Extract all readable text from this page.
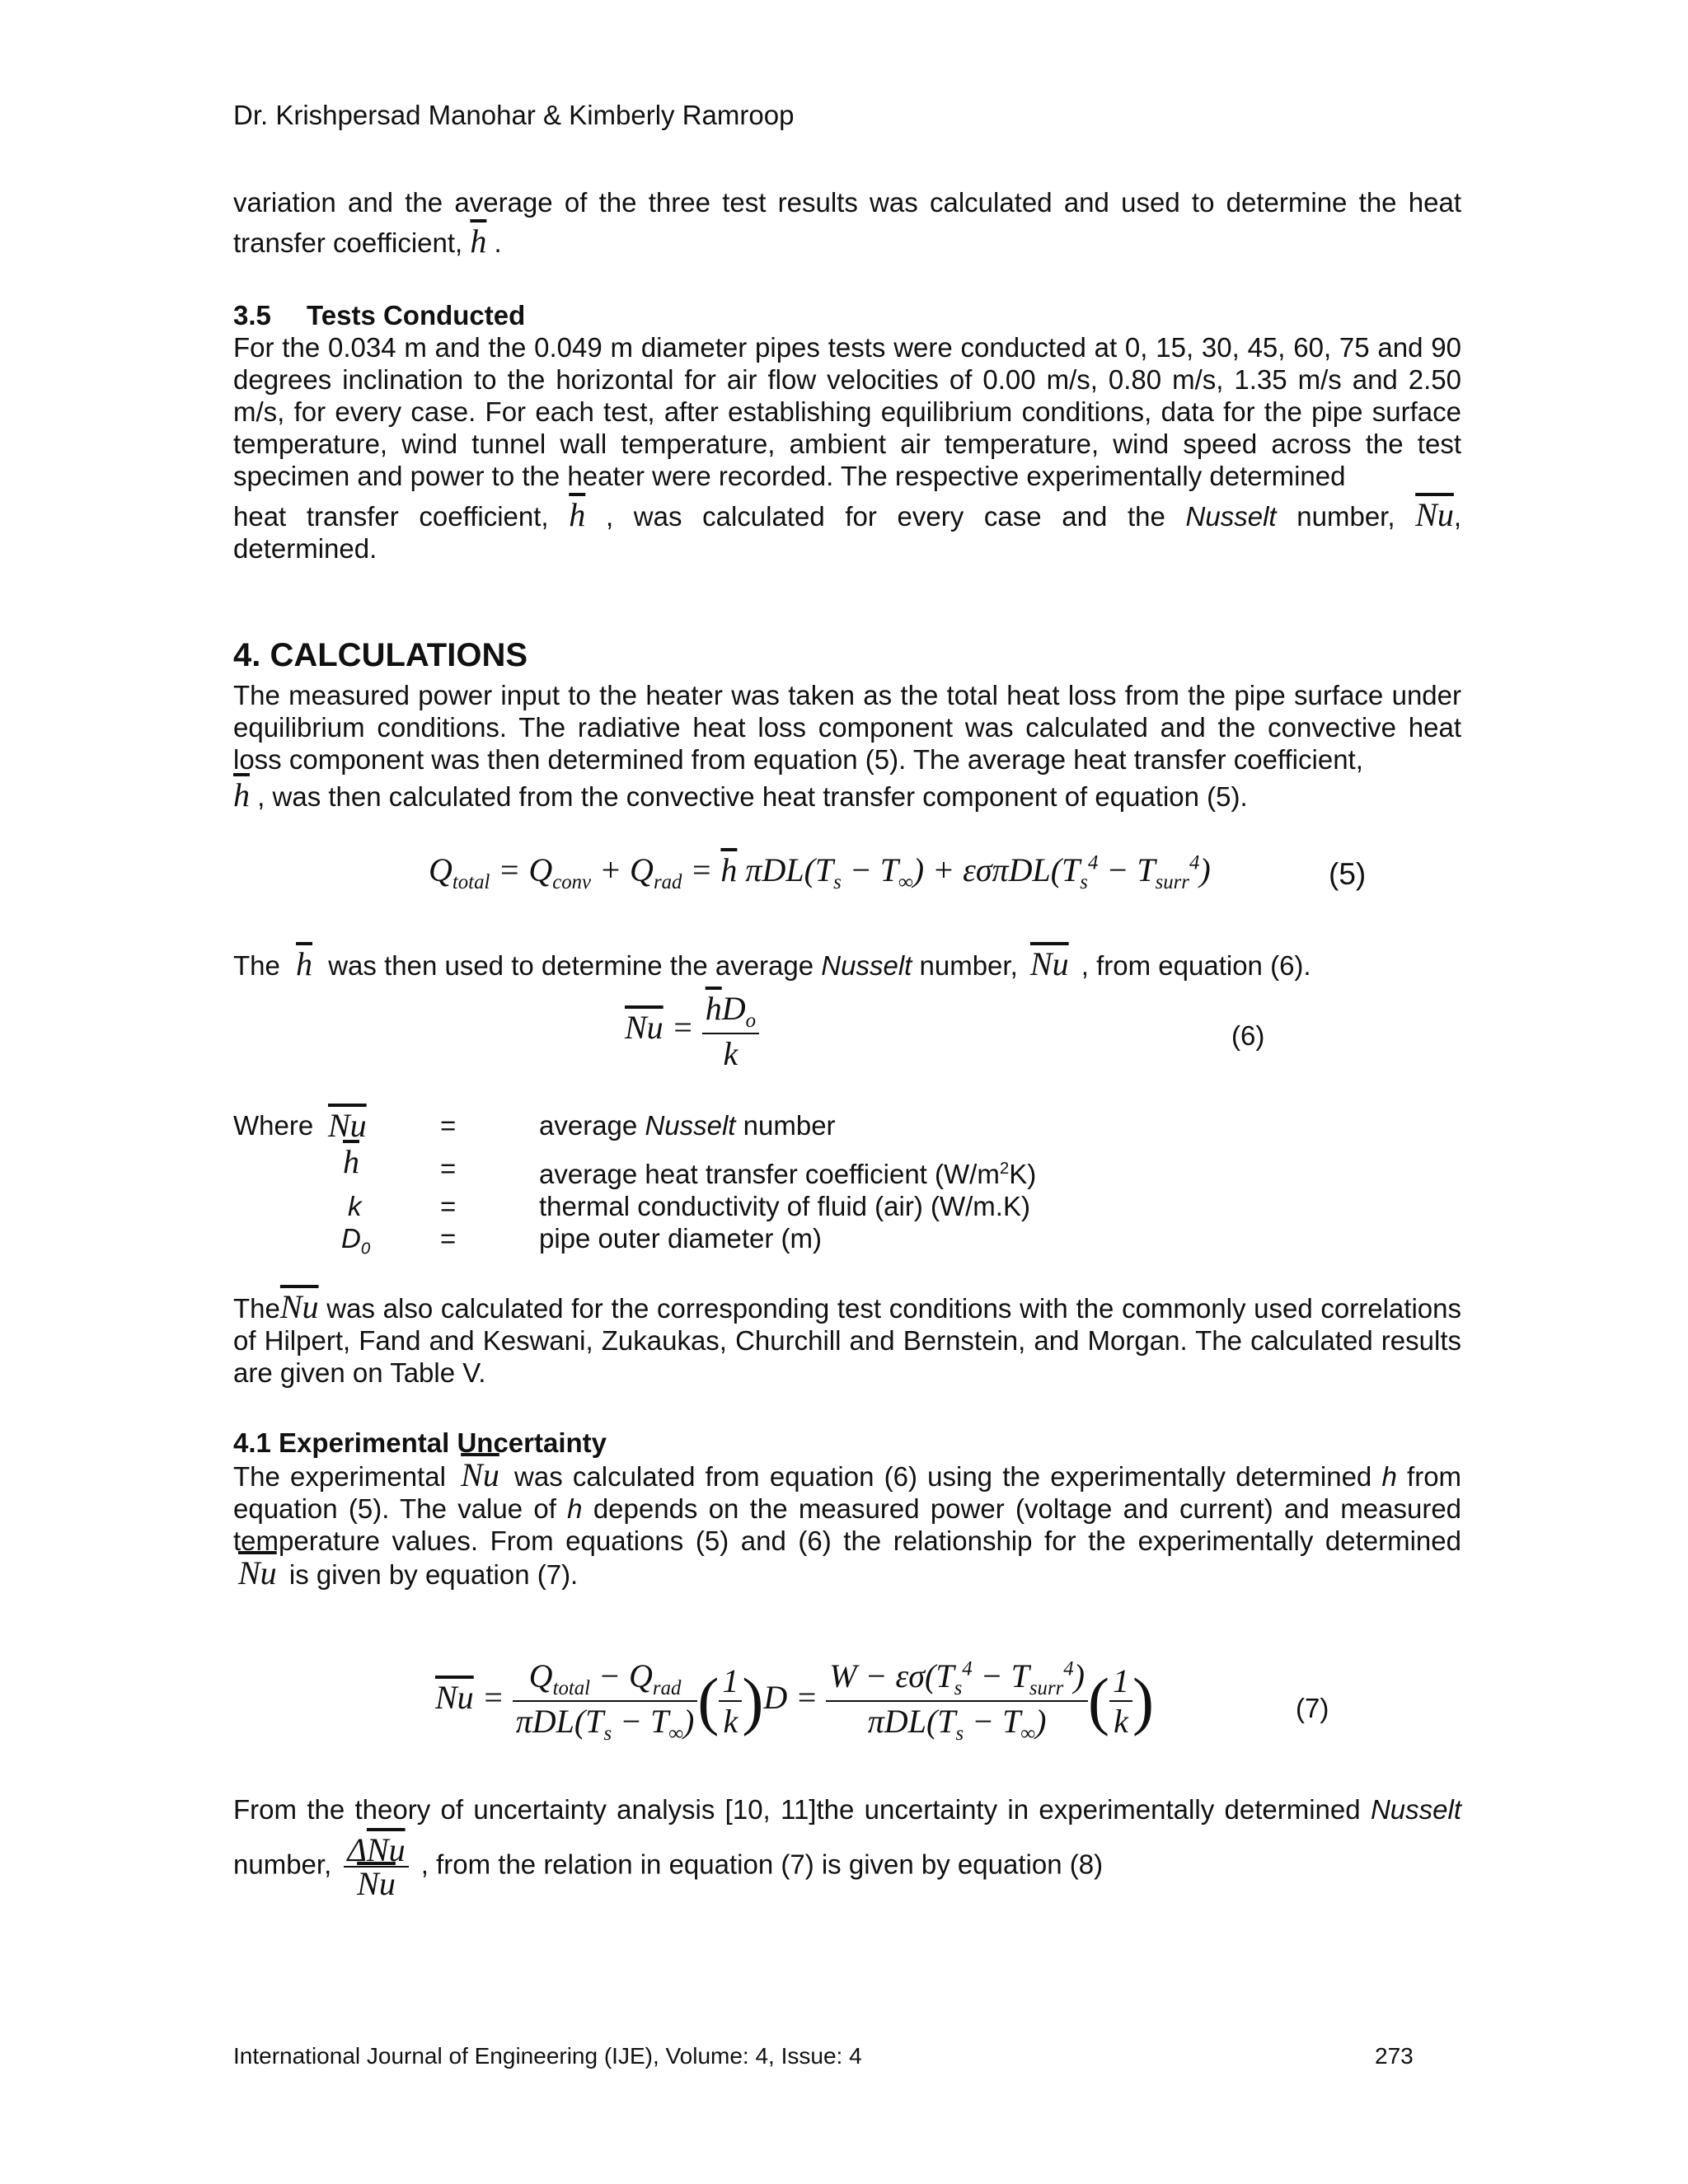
Dr. Krishpersad Manohar & Kimberly Ramroop

variation and the average of the three test results was calculated and used to determine the heat

transfer coefficient, $\overline{h}$ .

3.5 Tests Conducted

For the 0.034 m and the 0.049 m diameter pipes tests were conducted at 0, 15, 30, 45, 60, 75 and 90 degrees inclination to the horizontal for air flow velocities of 0.00 m/s, 0.80 m/s, 1.35 m/s and 2.50 m/s, for every case. For each test, after establishing equilibrium conditions, data for the pipe surface temperature, wind tunnel wall temperature, ambient air temperature, wind speed across the test specimen and power to the heater were recorded. The respective experimentally determined

heat transfer coefficient, $\overline{h}$ , was calculated for every case and the Nusselt number, $\overline{Nu}$,

determined.

4. CALCULATIONS

The measured power input to the heater was taken as the total heat loss from the pipe surface under equilibrium conditions. The radiative heat loss component was calculated and the convective heat loss component was then determined from equation (5). The average heat transfer coefficient,

$\overline{h}$ , was then calculated from the convective heat transfer component of equation (5).

$Q_{total} = Q_{conv} + Q_{rad} = \overline{h}$ $\pi DL(T_s - T_\infty) + \varepsilon\sigma\pi DL(T_s^4 - T_{surr}^4)$	(5)
The $\overline{h}$ was then used to determine the average Nusselt number, $\overline{Nu}$ , from equation (6).
$\overline{Nu} = \frac{\overline{h}D_o}{k}$	(6)
Where	$\overline{Nu}$	=	average Nusselt number

		$\overline{h}$ =	average heat transfer coefficient $(W/m^2K)$

		k =	thermal conductivity of fluid (air) (W/m.K)

		$D_0$ =	pipe outer diameter (m)

$The\overline{Nu}$ was also calculated for the corresponding test conditions with the commonly used correlations of Hilpert, Fand and Keswani, Zukaukas, Churchill and Bernstein, and Morgan. The calculated results are given on Table V.

4.1 Experimental Uncertainty

The experimental $\overline{Nu}$ was calculated from equation (6) using the experimentally determined h from equation (5). The value of h depends on the measured power (voltage and current) and measured temperature values. From equations (5) and (6) the relationship for the experimentally determined $\overline{Nu}$ is given by equation (7).

$\overline{Nu} = \frac{Q_{total} - Q_{rad}}{\pi DL(T_s - T_\infty)}$ ( $\frac{1}{k} )D = \frac{W - \varepsilon\sigma(T_s^4 - T_{surr}^4)}{\pi DL(T_s - T_\infty)}$ ( $\frac{1}{k}$ )	(7)

From the theory of uncertainty analysis [10, 11]the uncertainty in experimentally determined Nusselt

number, $\frac{\Delta\overline{Nu}}{Nu}$ , from the relation in equation (7) is given by equation (8)

International Journal of Engineering (IJE), Volume: 4, Issue: 4	273
